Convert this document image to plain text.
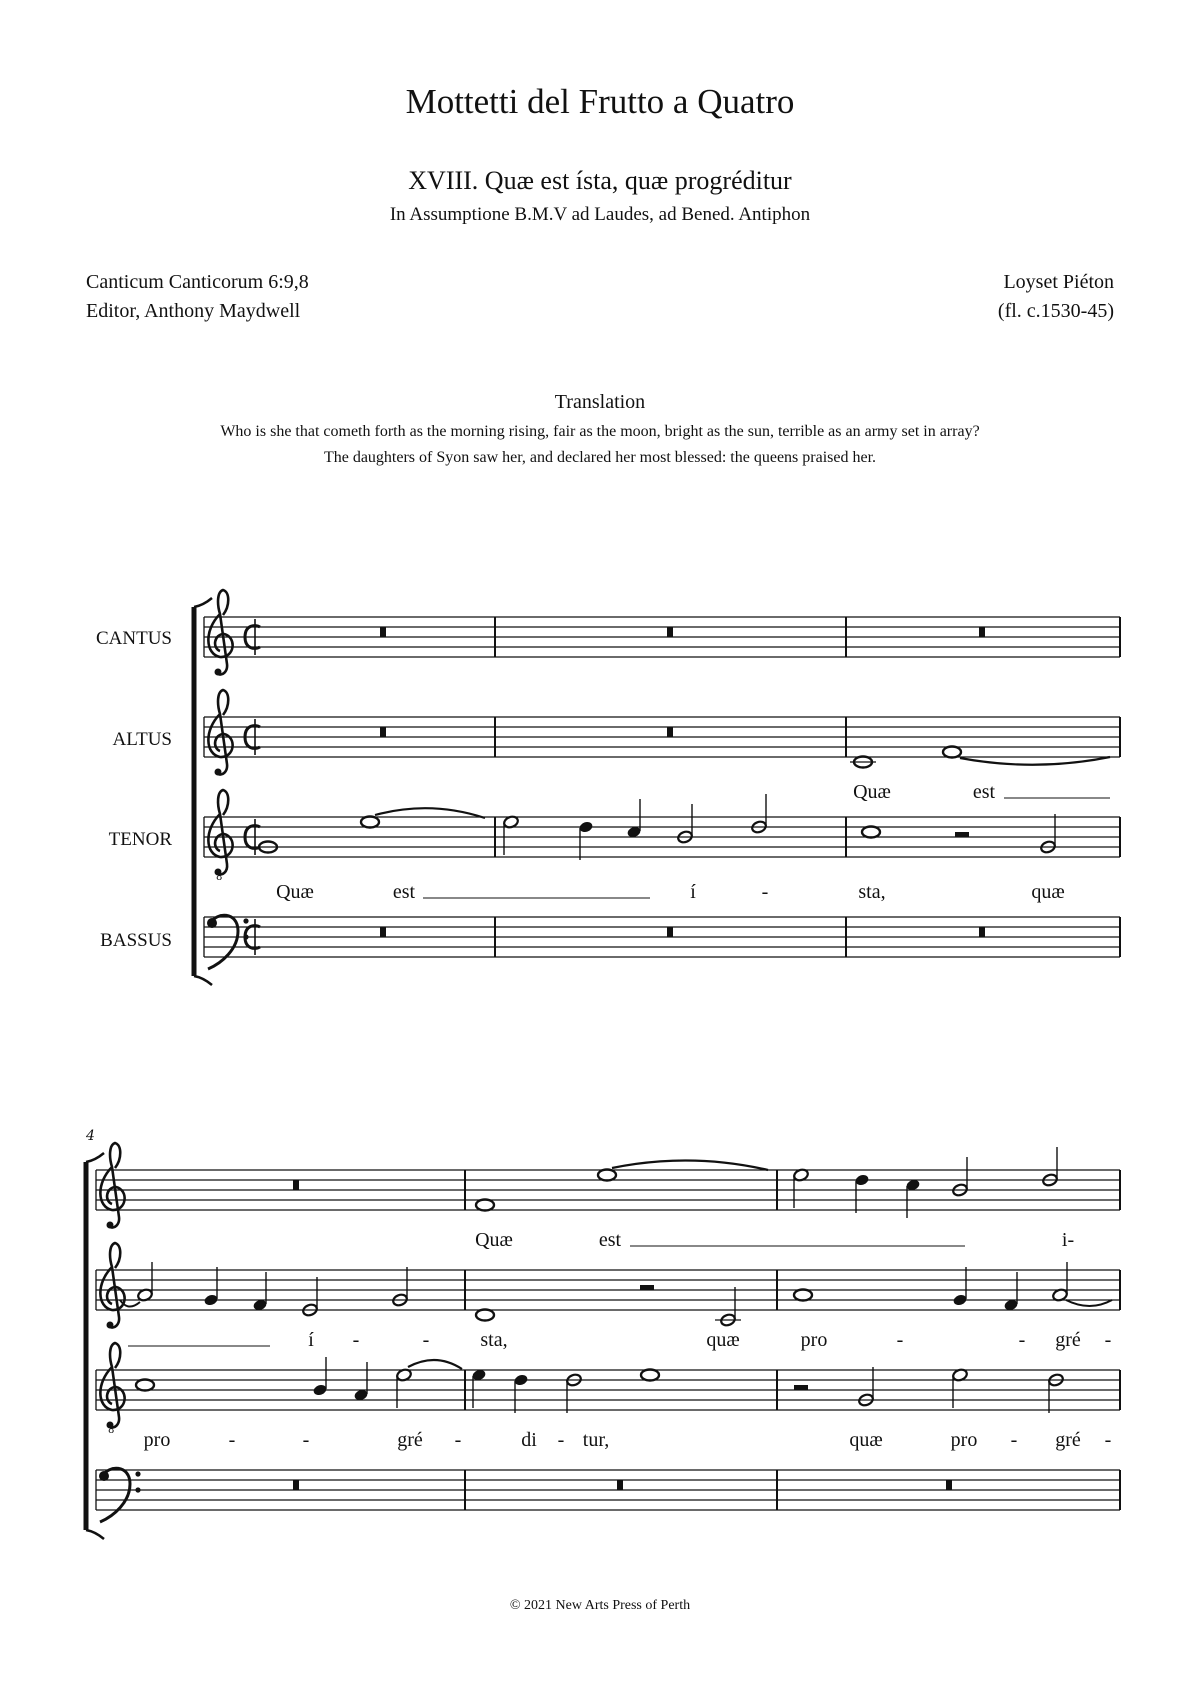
Mottetti del Frutto a Quatro
XVIII. Quæ est ísta, quæ progréditur
In Assumptione B.M.V ad Laudes, ad Bened. Antiphon
Canticum Canticorum 6:9,8
Editor, Anthony Maydwell
Loyset Piéton
(fl. c.1530-45)
Translation
Who is she that cometh forth as the morning rising, fair as the moon, bright as the sun, terrible as an army set in array?
The daughters of Syon saw her, and declared her most blessed: the queens praised her.
CANTUS
ALTUS
TENOR
BASSUS
Quæ	est
8
Quæ	est	í	-	sta,	quæ
4
Quæ	est	i-
í -	-	sta,	quæ	pro	-	- gré -
8 pro	-	-	gré -	di - tur,	quæ	pro - gré -
© 2021 New Arts Press of Perth
